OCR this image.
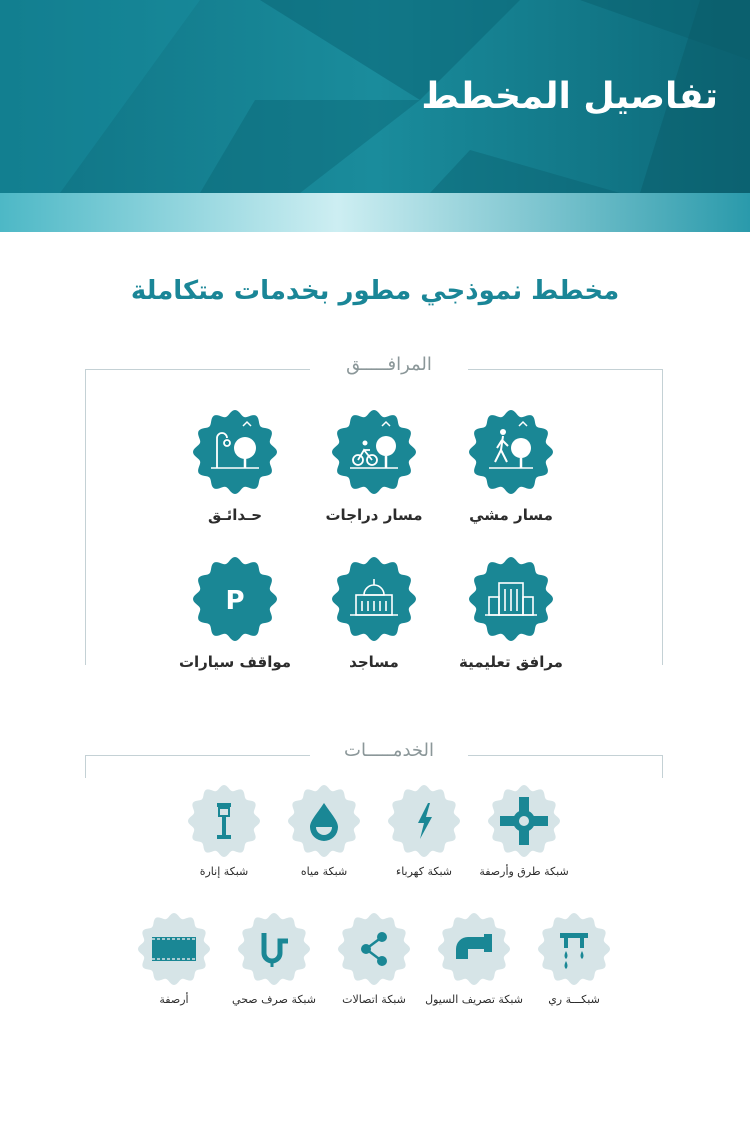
تفاصيل المخطط
مخطط نموذجي مطور بخدمات متكاملة
المرافـــــق
مسار مشي
مسار دراجات
حـدائـق
مرافق تعليمية
مساجد
P
مواقف سيارات
الخدمـــــات
شبكة طرق وأرصفة
شبكة كهرباء
شبكة مياه
شبكة إنارة
شبكـــة ري
شبكة تصريف السيول
شبكة اتصالات
شبكة صرف صحي
أرصفة
